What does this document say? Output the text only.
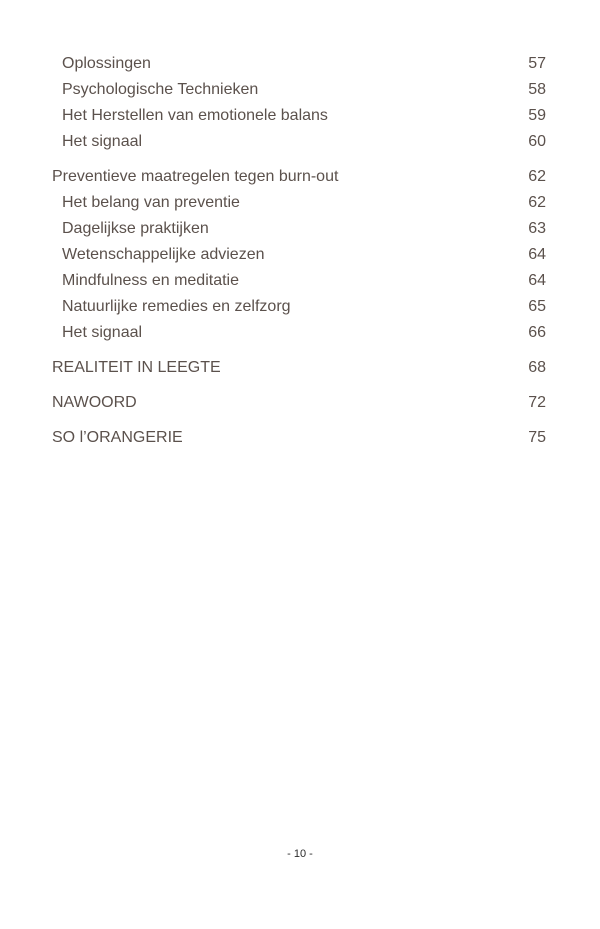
Oplossingen	57
Psychologische Technieken	58
Het Herstellen van emotionele balans	59
Het signaal	60
Preventieve maatregelen tegen burn-out	62
Het belang van preventie	62
Dagelijkse praktijken	63
Wetenschappelijke adviezen	64
Mindfulness en meditatie	64
Natuurlijke remedies en zelfzorg	65
Het signaal	66
REALITEIT IN LEEGTE	68
NAWOORD	72
SO l’ORANGERIE	75
- 10 -
